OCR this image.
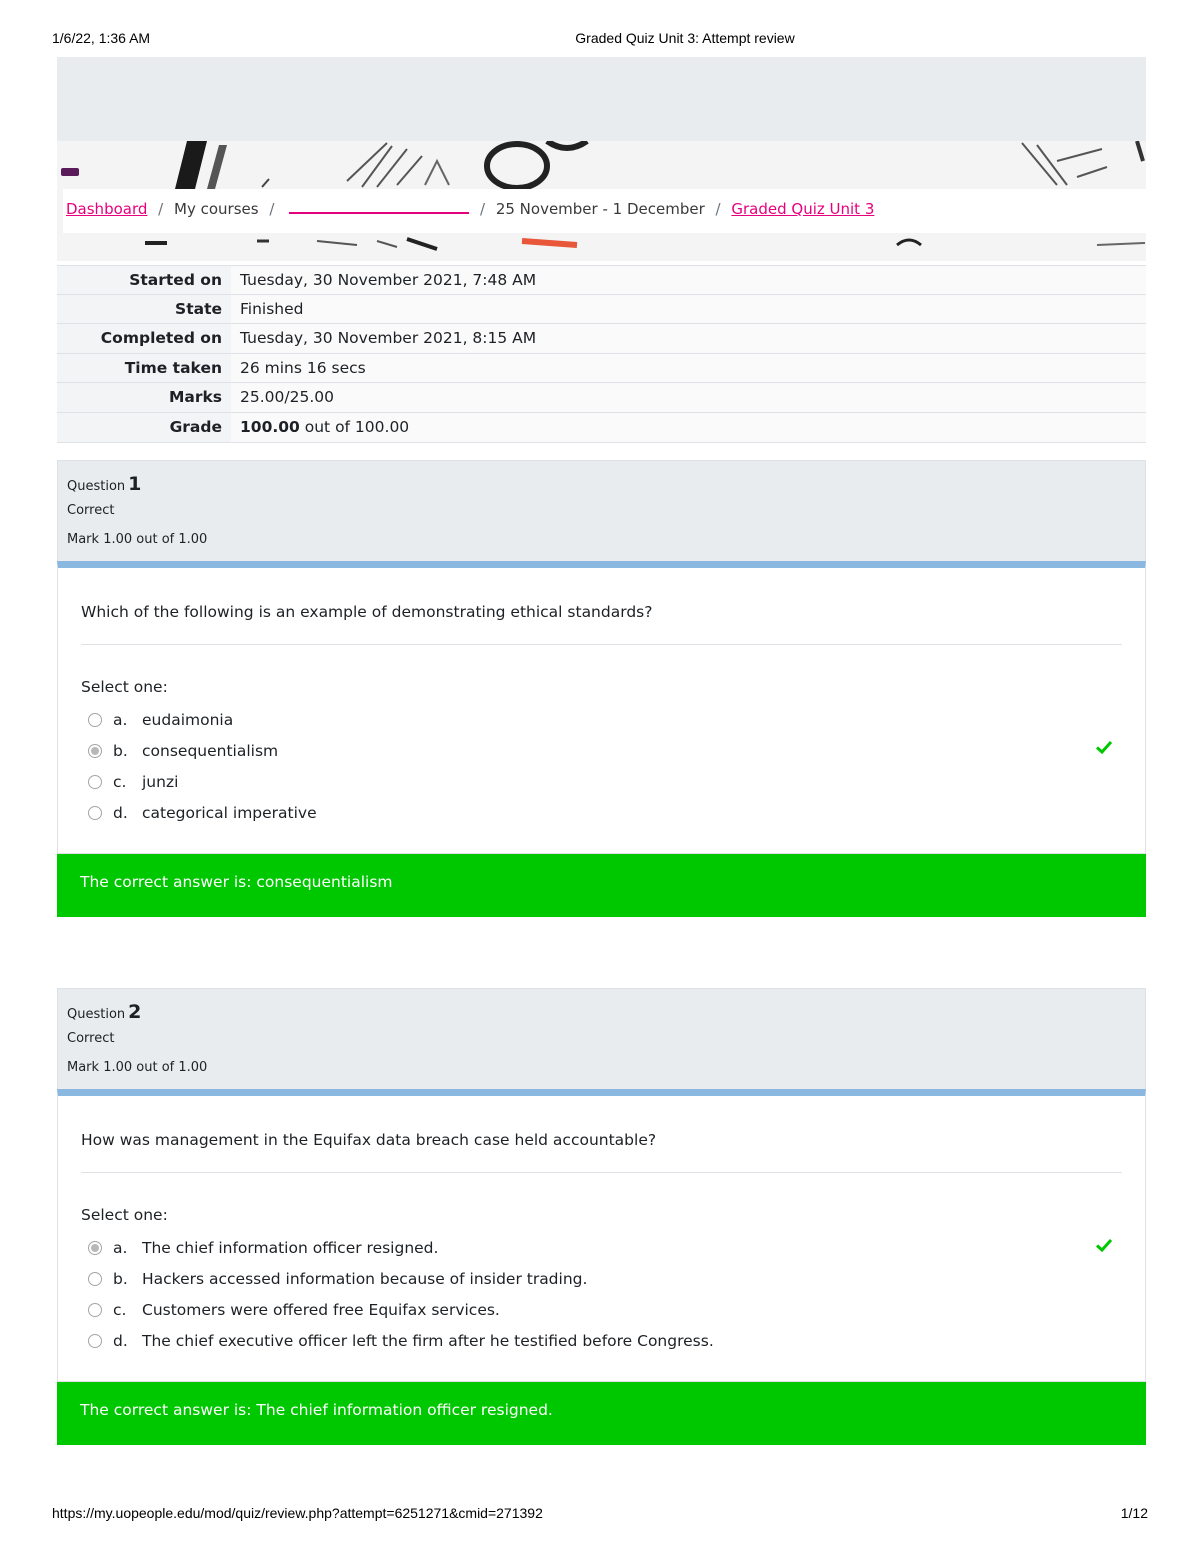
1/6/22, 1:36 AM	Graded Quiz Unit 3: Attempt review
Dashboard / My courses /	/ 25 November - 1 December / Graded Quiz Unit 3
Started on	Tuesday, 30 November 2021, 7:48 AM
State	Finished
Completed on	Tuesday, 30 November 2021, 8:15 AM
Time taken	26 mins 16 secs
Marks	25.00/25.00
Grade	100.00 out of 100.00
Question 1
Correct
Mark 1.00 out of 1.00
Which of the following is an example of demonstrating ethical standards?
Select one:
a. eudaimonia
b. consequentialism
c.	junzi
d. categorical imperative
The correct answer is: consequentialism
Question 2
Correct
Mark 1.00 out of 1.00
How was management in the Equifax data breach case held accountable?
Select one:
a. The chief information officer resigned.
b. Hackers accessed information because of insider trading.
c.	Customers were offered free Equifax services.
d. The chief executive officer left the firm after he testified before Congress.
The correct answer is: The chief information officer resigned.
https://my.uopeople.edu/mod/quiz/review.php?attempt=6251271&cmid=271392	1/12
